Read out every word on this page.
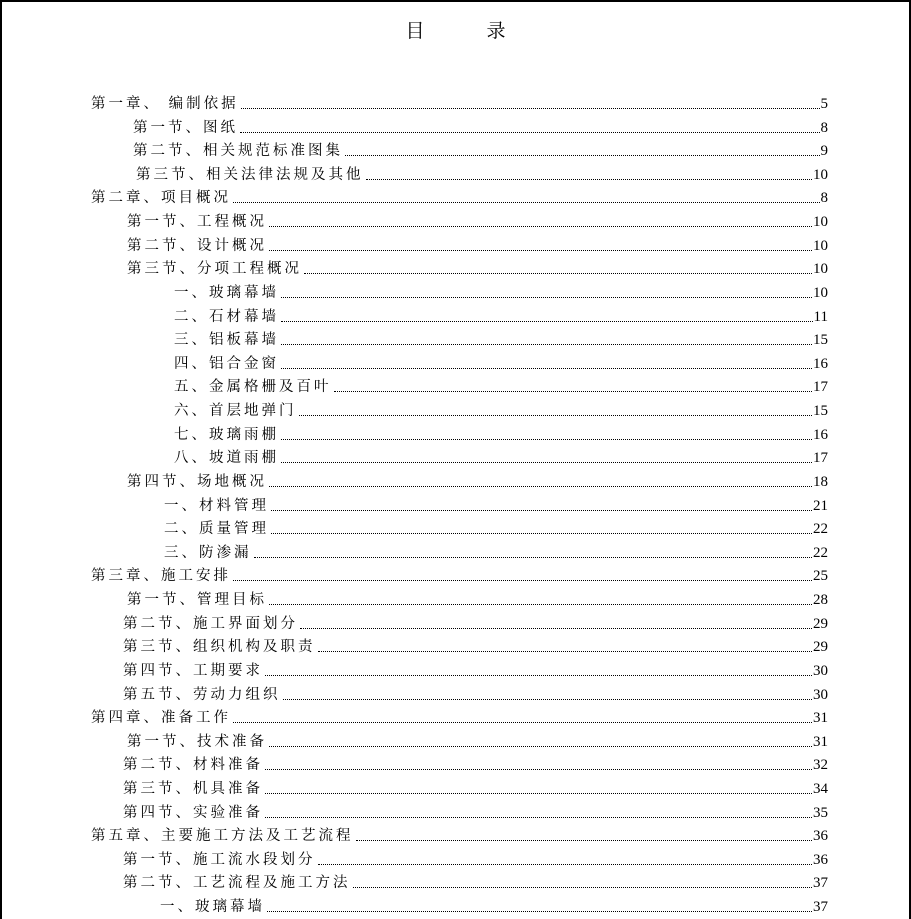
目 录
第一章、 编制依据	5
第一节、图纸	8
第二节、相关规范标准图集	9
第三节、相关法律法规及其他	10
第二章、项目概况	8
第一节、工程概况	10
第二节、设计概况	10
第三节、分项工程概况	10
一、玻璃幕墙	10
二、石材幕墙	11
三、铝板幕墙	15
四、铝合金窗	16
五、金属格栅及百叶	17
六、首层地弹门	15
七、玻璃雨棚	16
八、坡道雨棚	17
第四节、场地概况	18
一、材料管理	21
二、质量管理	22
三、防渗漏	22
第三章、施工安排	25
第一节、管理目标	28
第二节、施工界面划分	29
第三节、组织机构及职责	29
第四节、工期要求	30
第五节、劳动力组织	30
第四章、准备工作	31
第一节、技术准备	31
第二节、材料准备	32
第三节、机具准备	34
第四节、实验准备	35
第五章、主要施工方法及工艺流程	36
第一节、施工流水段划分	36
第二节、工艺流程及施工方法	37
一、玻璃幕墙	37
